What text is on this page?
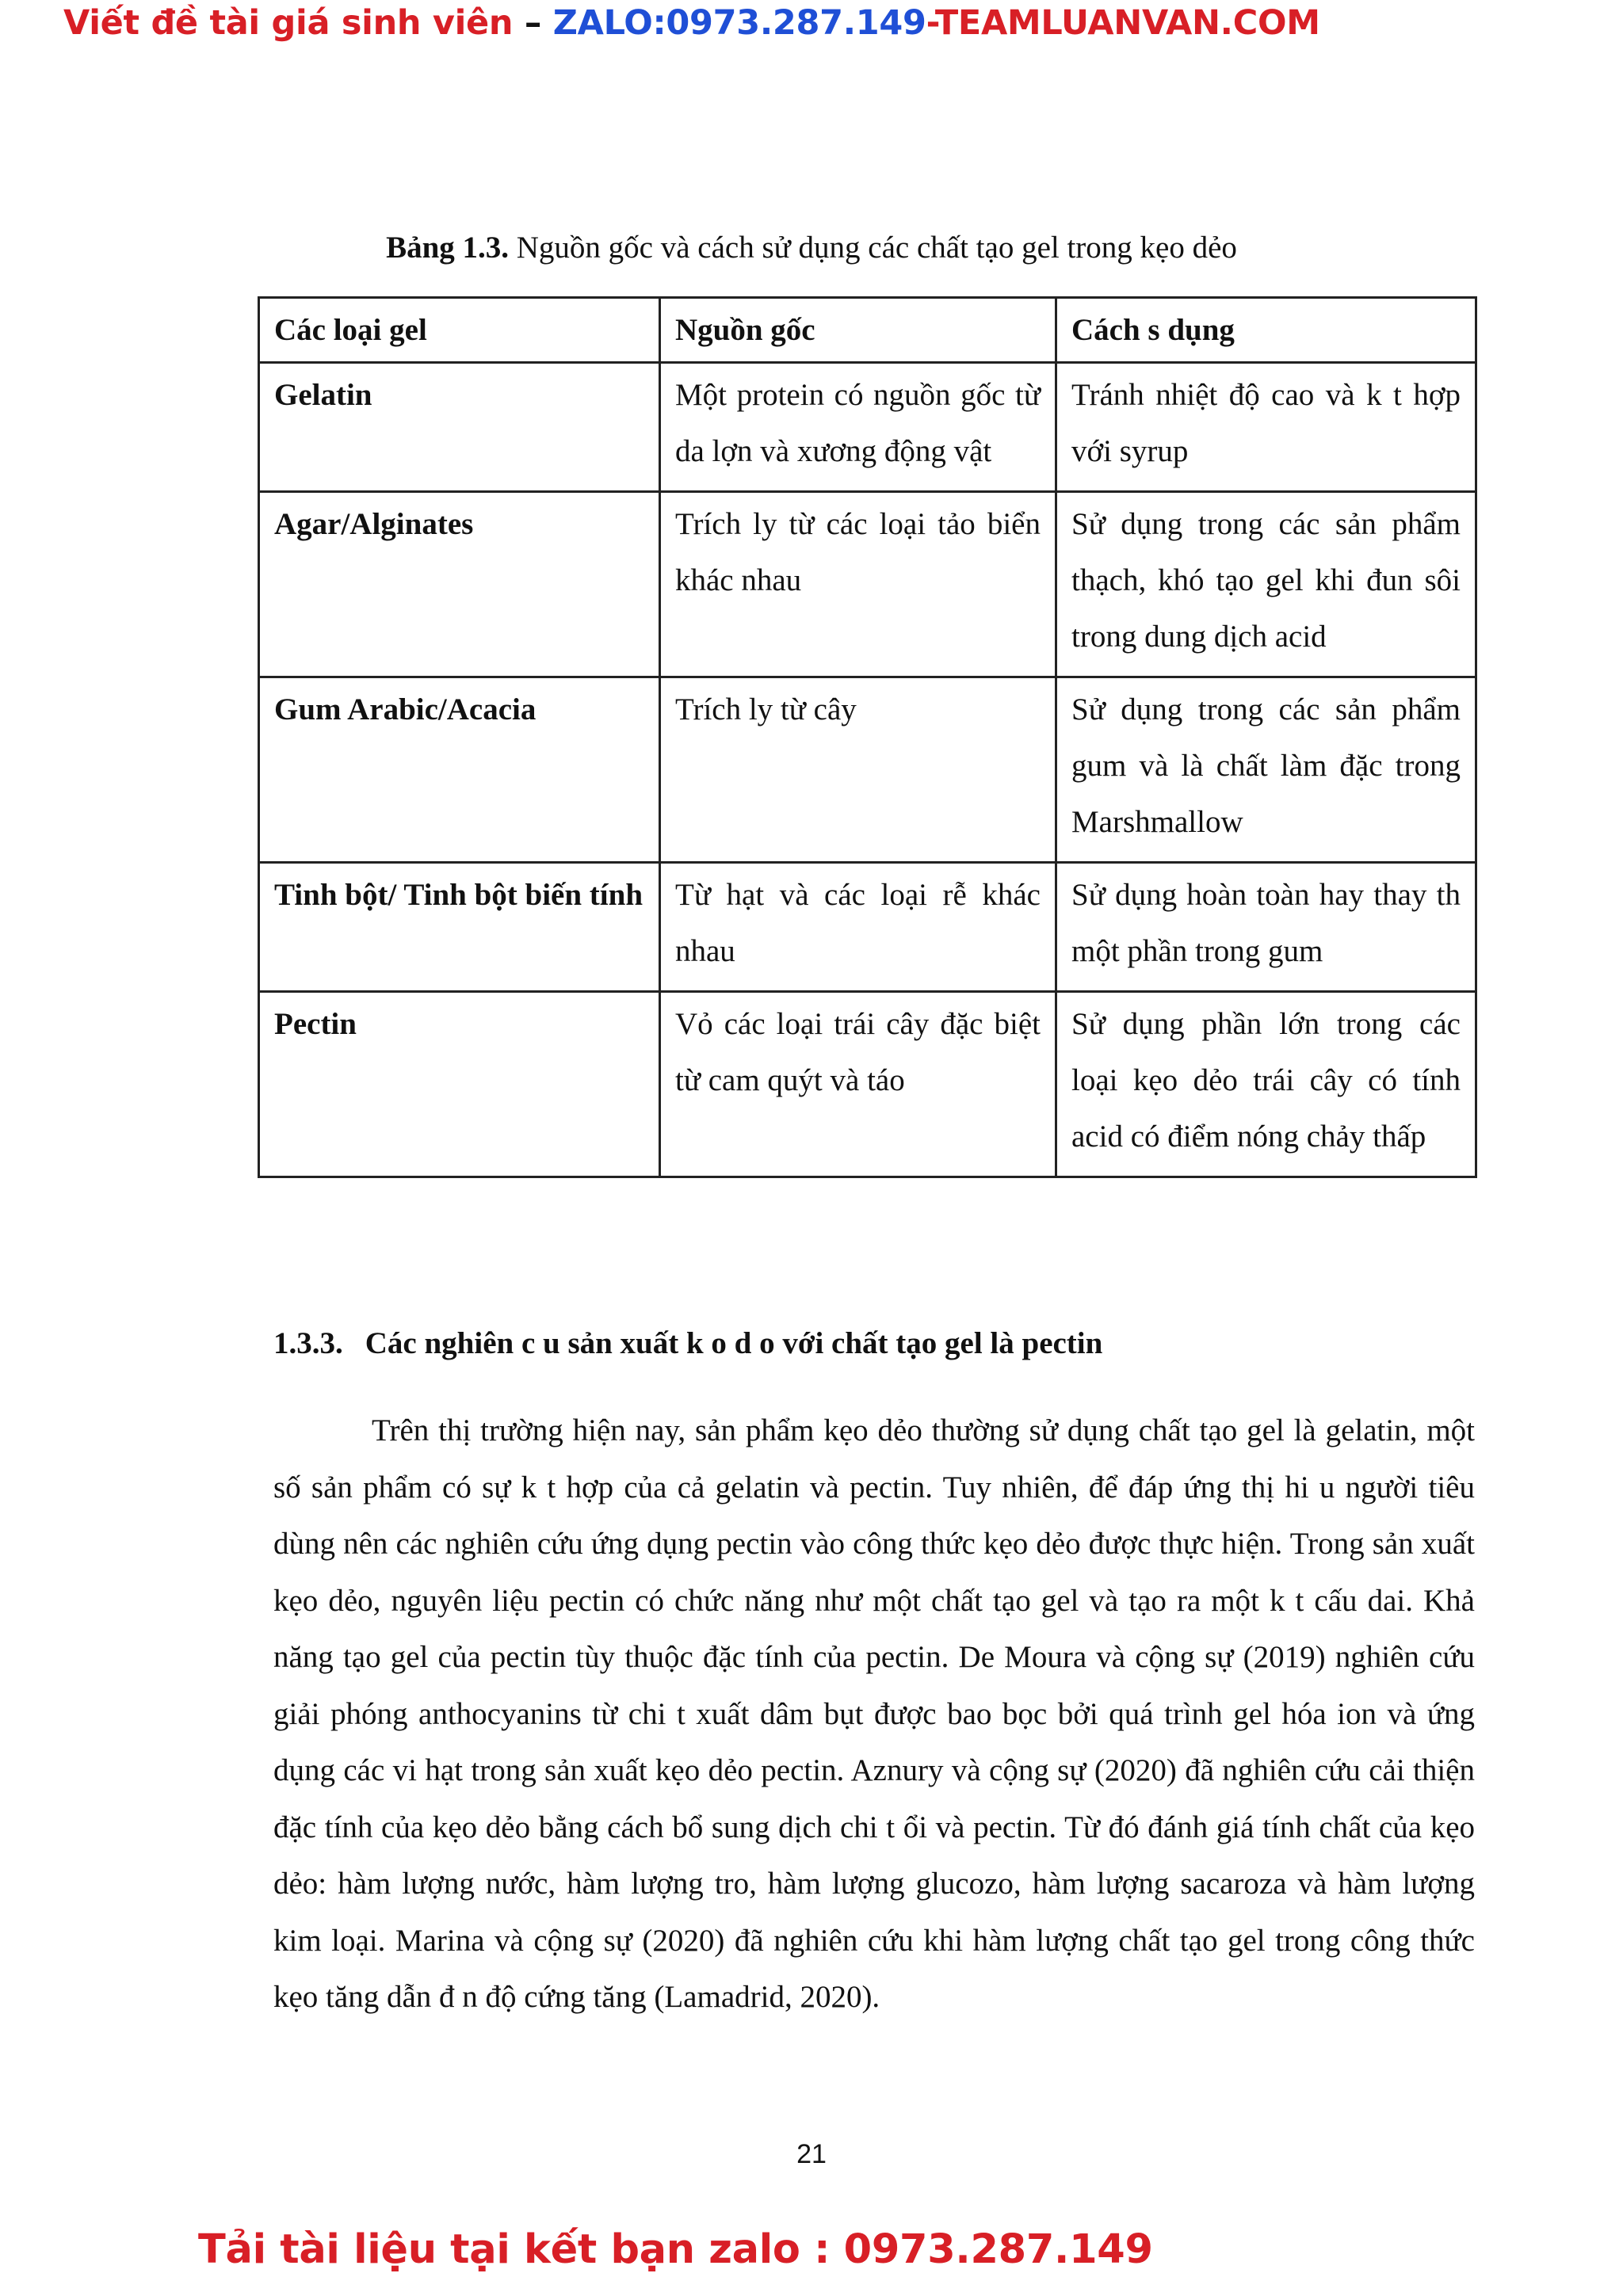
Viết đề tài giá sinh viên – ZALO:0973.287.149-TEAMLUANVAN.COM
Bảng 1.3. Nguồn gốc và cách sử dụng các chất tạo gel trong kẹo dẻo
Các loại gel	Nguồn gốc	Cách s dụng
Gelatin	Một protein có nguồn gốc từ da lợn và xương động vật	Tránh nhiệt độ cao và k t hợp với syrup
Agar/Alginates	Trích ly từ các loại tảo biển khác nhau	Sử dụng trong các sản phẩm thạch, khó tạo gel khi đun sôi trong dung dịch acid
Gum Arabic/Acacia	Trích ly từ cây	Sử dụng trong các sản phẩm gum và là chất làm đặc trong Marshmallow
Tinh bột/ Tinh bột biến tính	Từ hạt và các loại rễ khác nhau	Sử dụng hoàn toàn hay thay th một phần trong gum
Pectin	Vỏ các loại trái cây đặc biệt từ cam quýt và táo	Sử dụng phần lớn trong các loại kẹo dẻo trái cây có tính acid có điểm nóng chảy thấp
1.3.3. Các nghiên c u sản xuất k o d o với chất tạo gel là pectin

Trên thị trường hiện nay, sản phẩm kẹo dẻo thường sử dụng chất tạo gel là gelatin, một số sản phẩm có sự k t hợp của cả gelatin và pectin. Tuy nhiên, để đáp ứng thị hi u người tiêu dùng nên các nghiên cứu ứng dụng pectin vào công thức kẹo dẻo được thực hiện. Trong sản xuất kẹo dẻo, nguyên liệu pectin có chức năng như một chất tạo gel và tạo ra một k t cấu dai. Khả năng tạo gel của pectin tùy thuộc đặc tính của pectin. De Moura và cộng sự (2019) nghiên cứu giải phóng anthocyanins từ chi t xuất dâm bụt được bao bọc bởi quá trình gel hóa ion và ứng dụng các vi hạt trong sản xuất kẹo dẻo pectin. Aznury và cộng sự (2020) đã nghiên cứu cải thiện đặc tính của kẹo dẻo bằng cách bổ sung dịch chi t ổi và pectin. Từ đó đánh giá tính chất của kẹo dẻo: hàm lượng nước, hàm lượng tro, hàm lượng glucozo, hàm lượng sacaroza và hàm lượng kim loại. Marina và cộng sự (2020) đã nghiên cứu khi hàm lượng chất tạo gel trong công thức kẹo tăng dẫn đ n độ cứng tăng (Lamadrid, 2020).

21
Tải tài liệu tại kết bạn zalo : 0973.287.149
